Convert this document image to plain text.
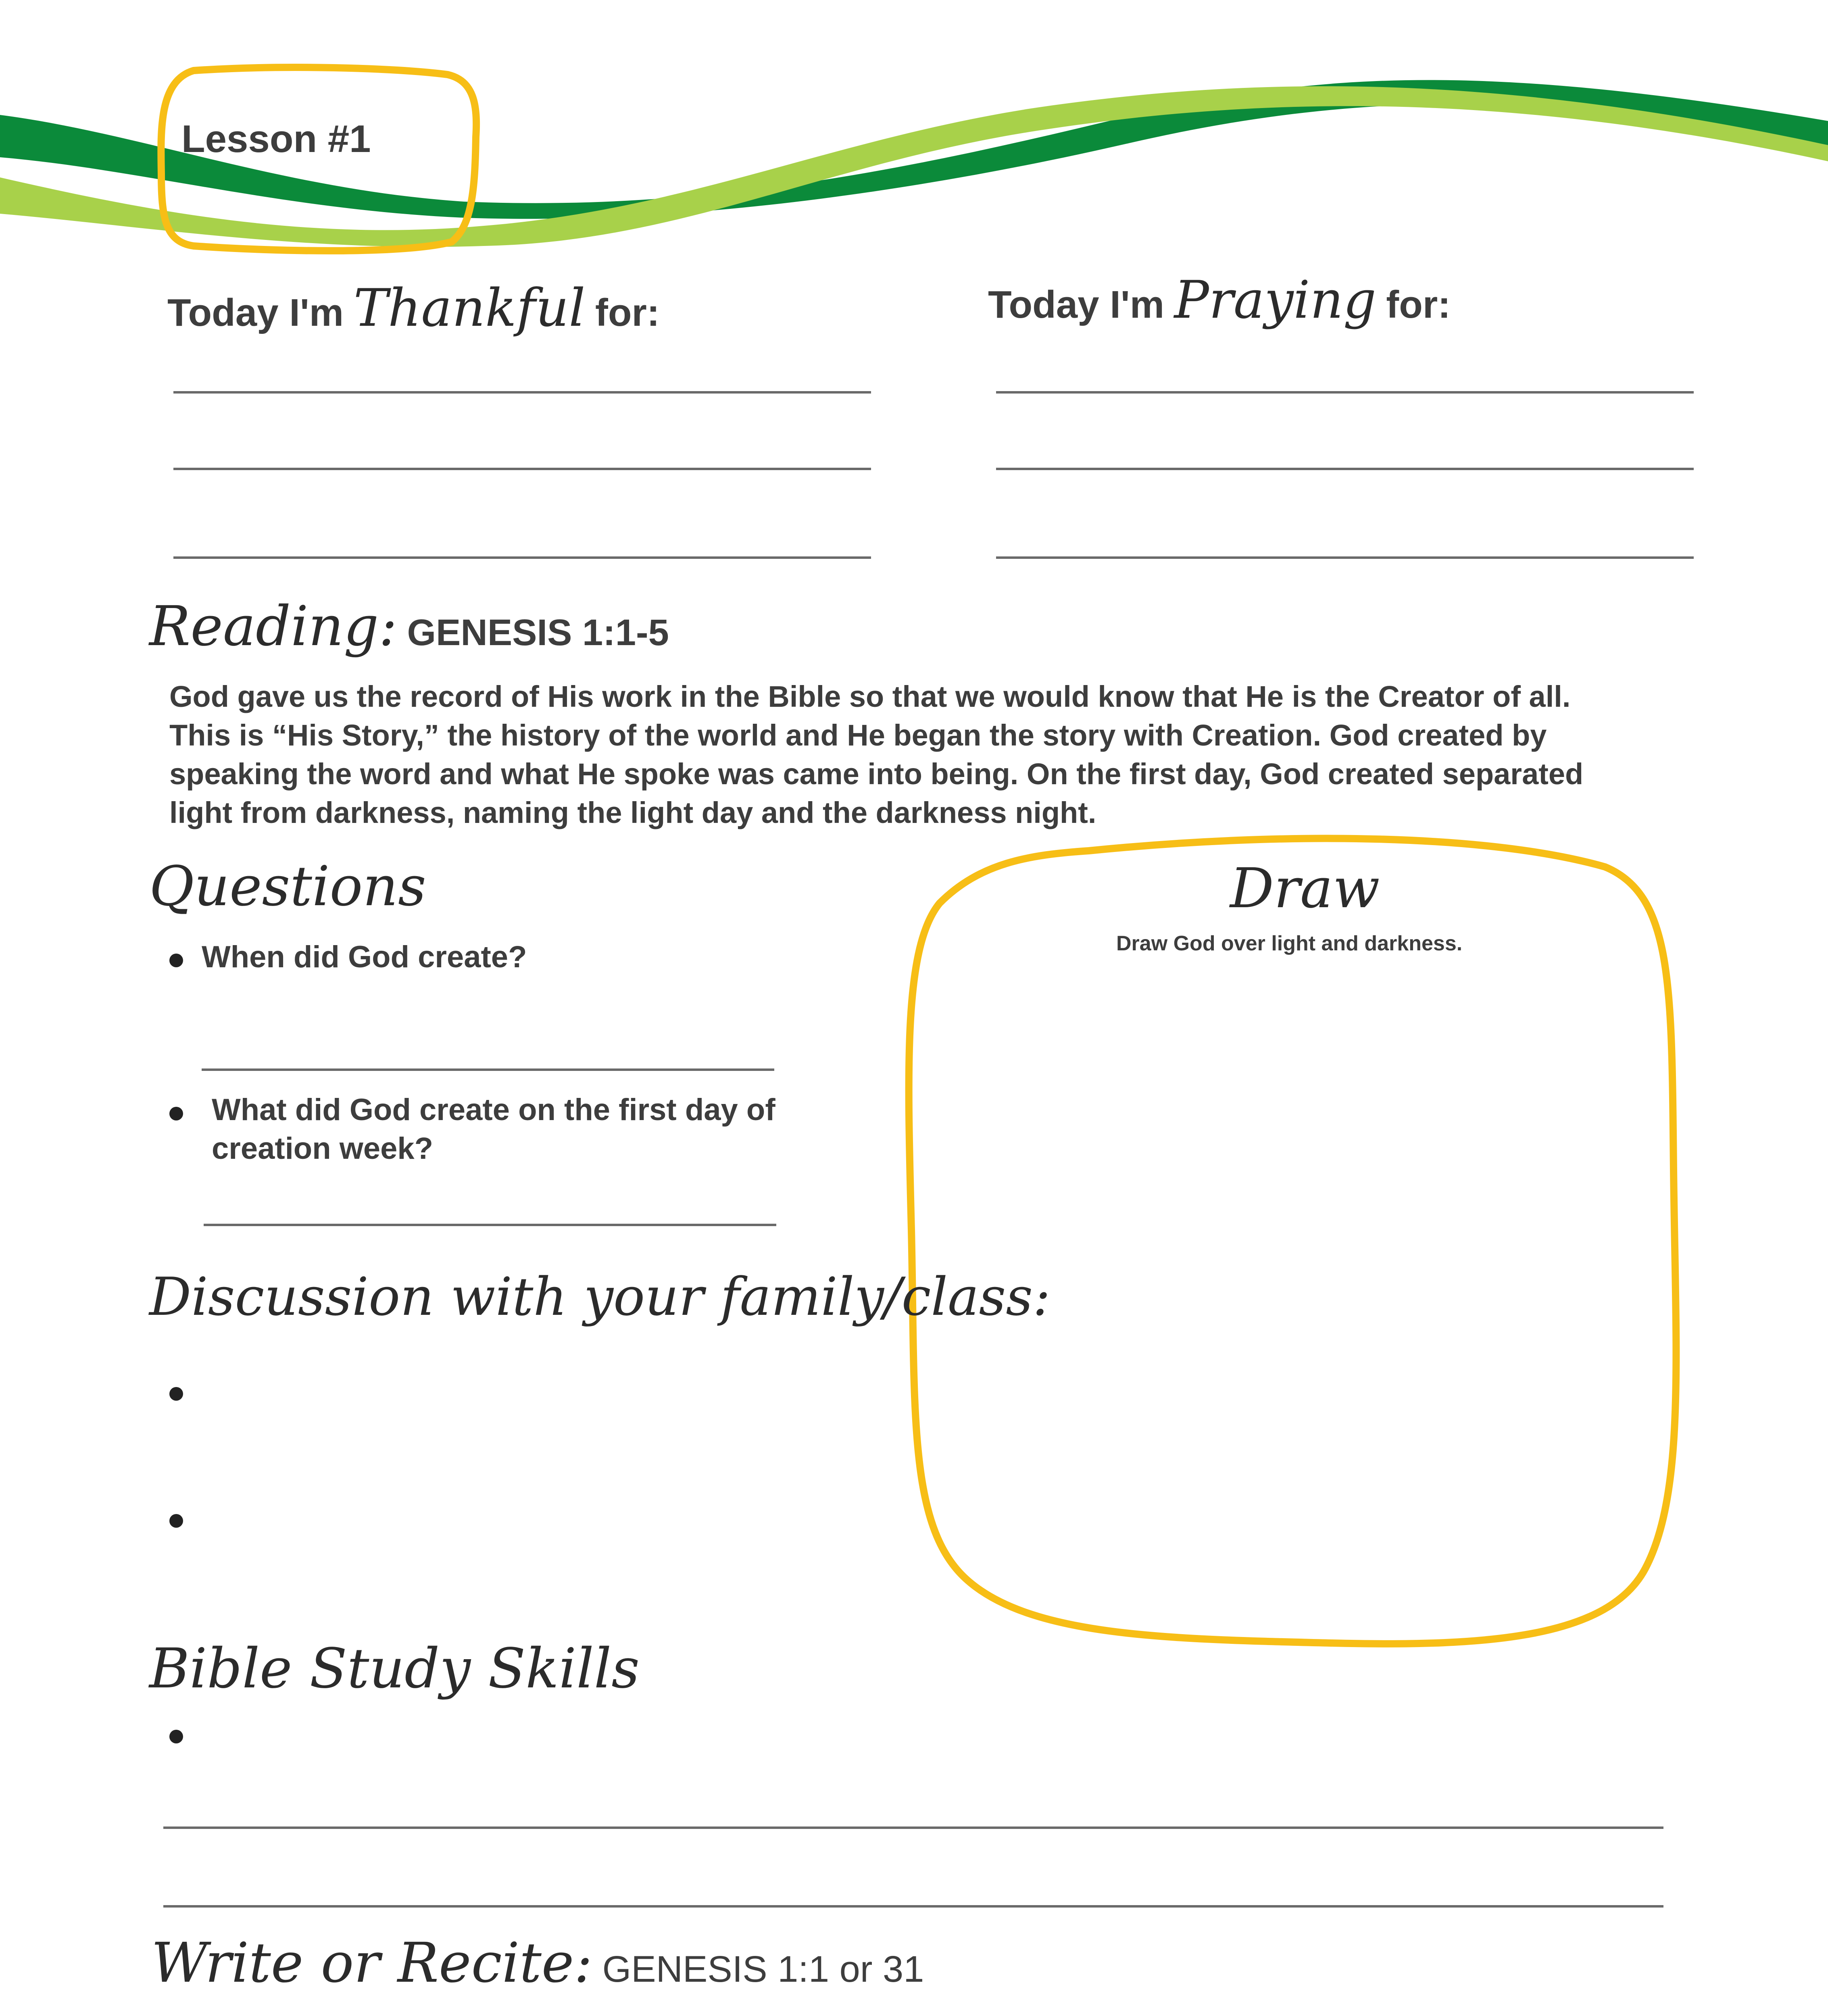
Lesson #1
Today I'm Thankful for:	Today I'm Praying for:
Reading: GENESIS 1:1-5
God gave us the record of His work in the Bible so that we would know that He is the Creator of all.
This is “His Story,” the history of the world and He began the story with Creation. God created by
speaking the word and what He spoke was came into being. On the first day, God created separated
light from darkness, naming the light day and the darkness night.
Questions
When did God create?
What did God create on the first day of
creation week?
Discussion with your family/class:
Draw
Draw God over light and darkness.
Bible Study Skills
Write or Recite: GENESIS 1:1 or 31
